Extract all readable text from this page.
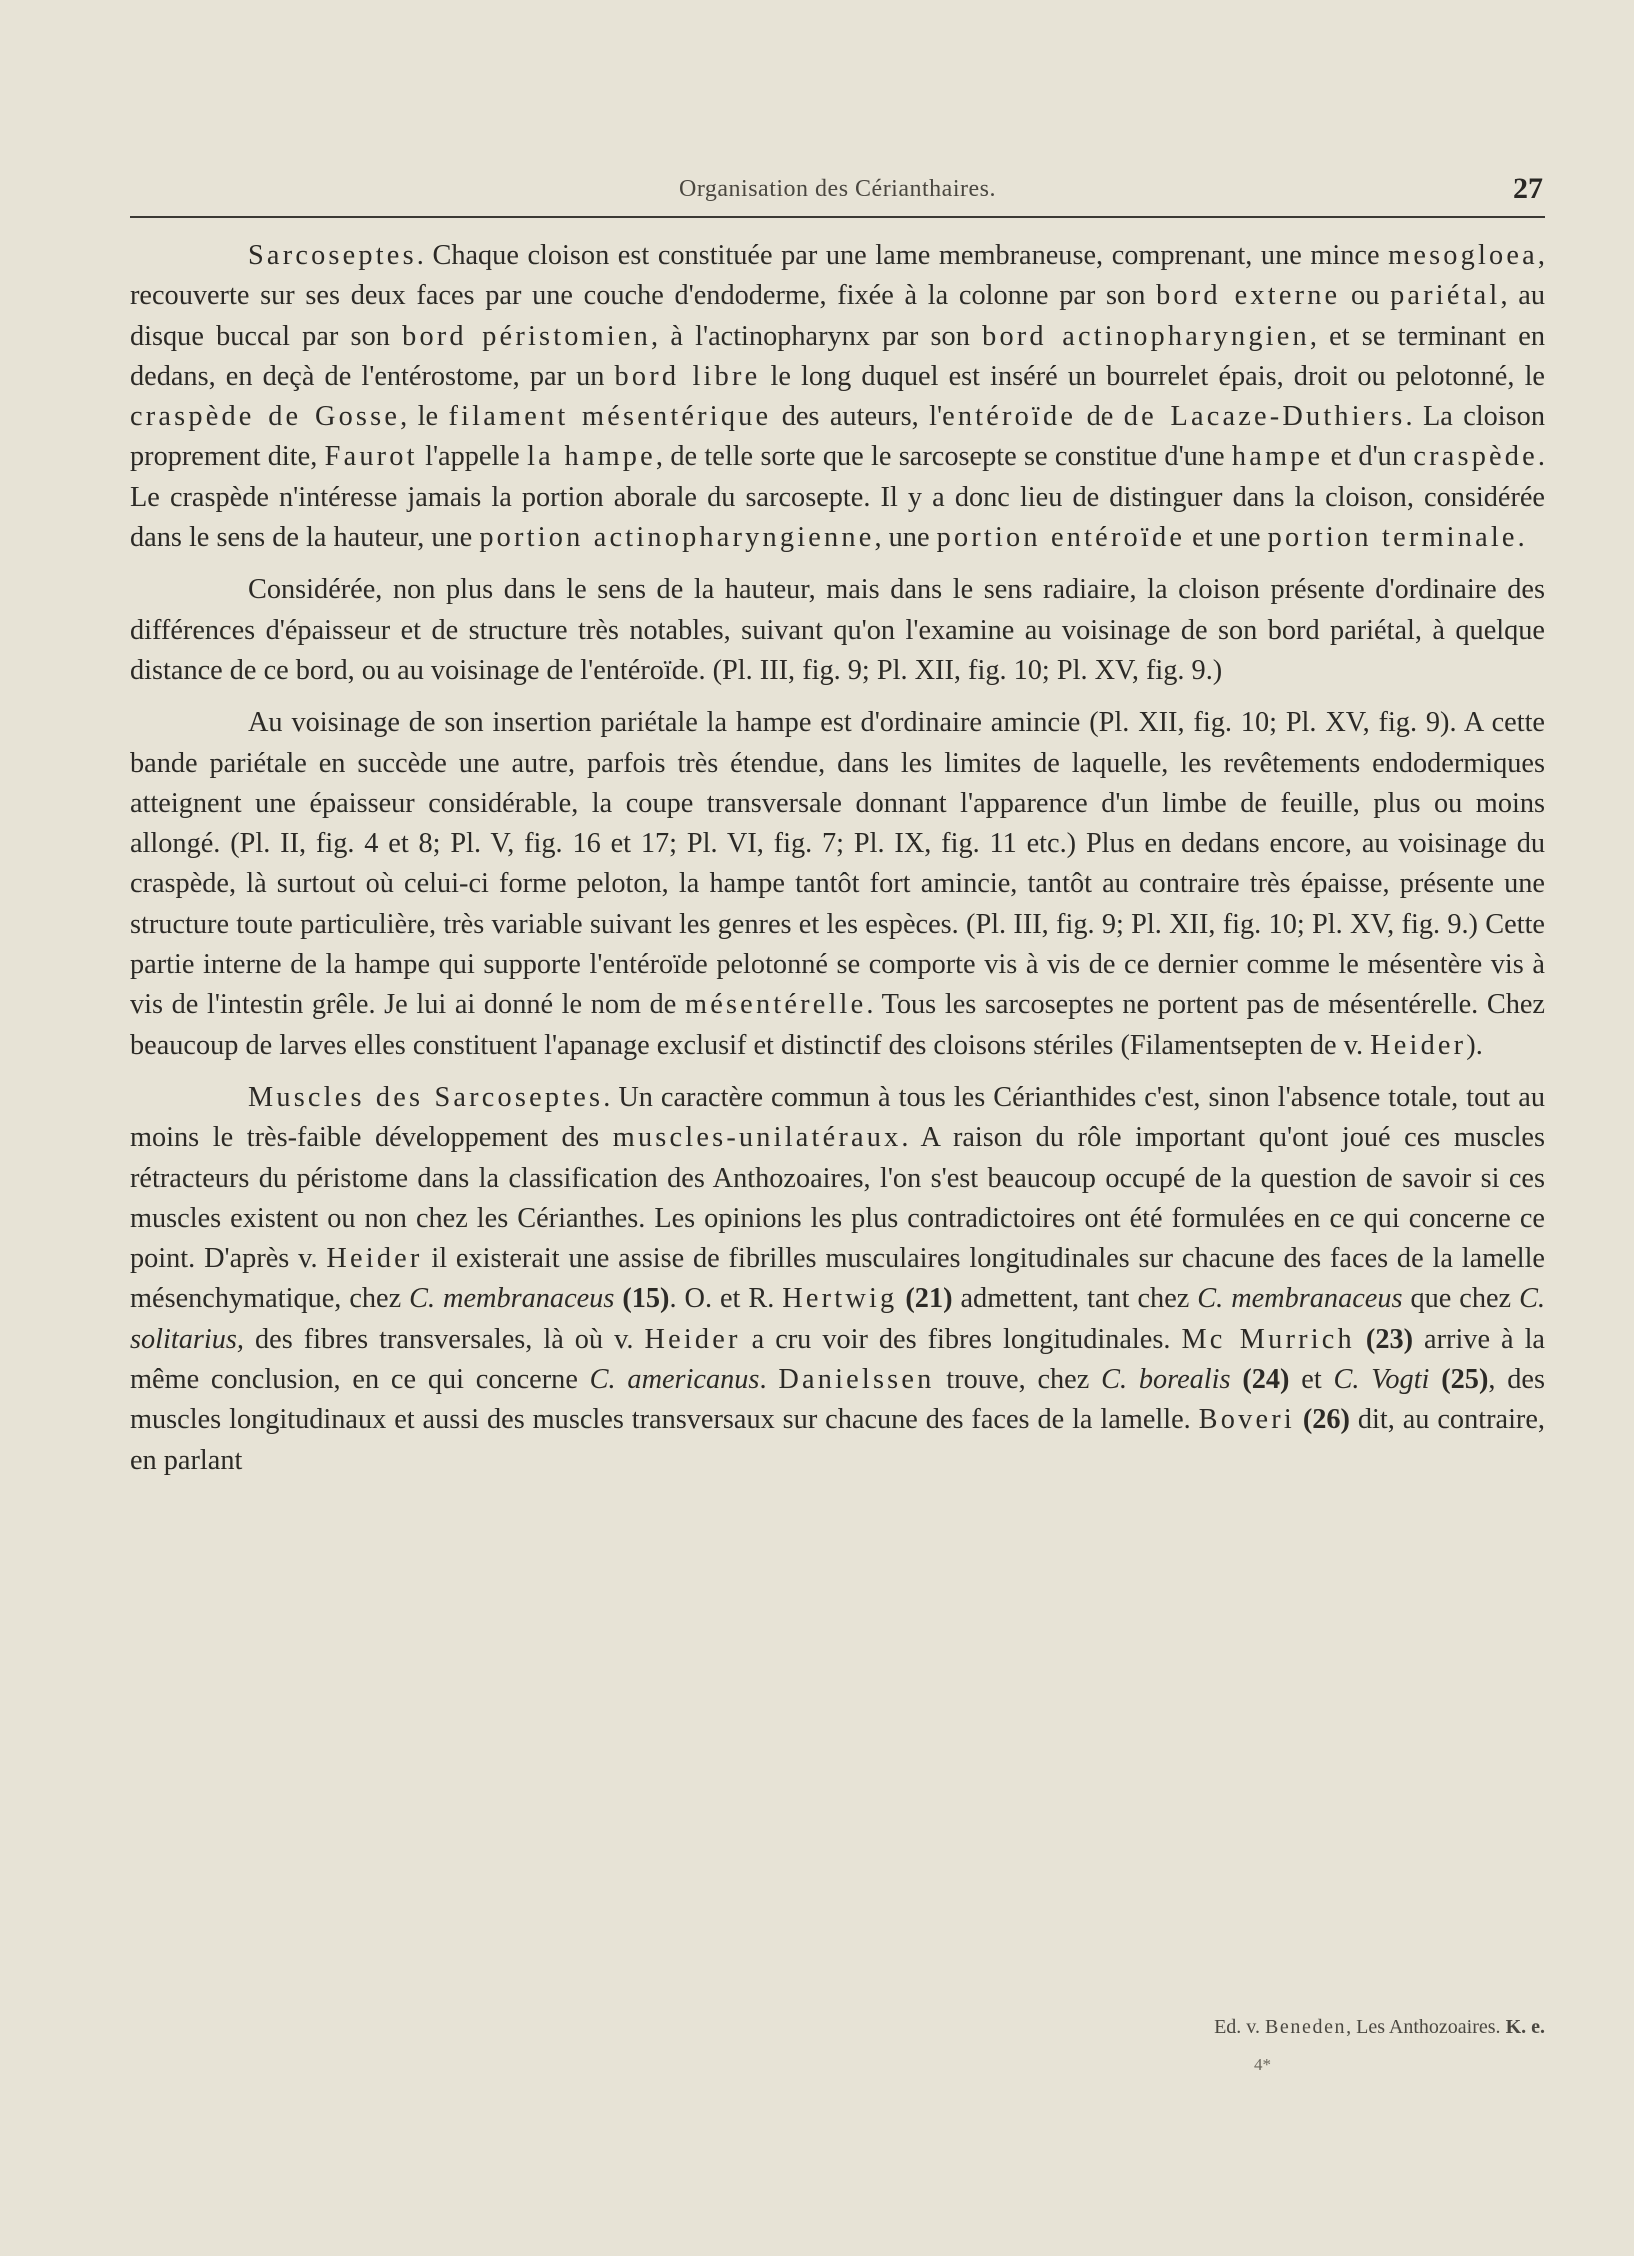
Organisation des Cérianthaires.	27

Sarcoseptes. Chaque cloison est constituée par une lame membraneuse, comprenant, une mince mesogloea, recouverte sur ses deux faces par une couche d'endoderme, fixée à la colonne par son bord externe ou pariétal, au disque buccal par son bord péristomien, à l'actinopharynx par son bord actinopharyngien, et se terminant en dedans, en deçà de l'entérostome, par un bord libre le long duquel est inséré un bourrelet épais, droit ou pelotonné, le craspède de Gosse, le filament mésentérique des auteurs, l'entéroïde de de Lacaze-Duthiers. La cloison proprement dite, Faurot l'appelle la hampe, de telle sorte que le sarcosepte se constitue d'une hampe et d'un craspède. Le craspède n'intéresse jamais la portion aborale du sarcosepte. Il y a donc lieu de distinguer dans la cloison, considérée dans le sens de la hauteur, une portion actinopharyngienne, une portion entéroïde et une portion terminale.

Considérée, non plus dans le sens de la hauteur, mais dans le sens radiaire, la cloison présente d'ordinaire des différences d'épaisseur et de structure très notables, suivant qu'on l'examine au voisinage de son bord pariétal, à quelque distance de ce bord, ou au voisinage de l'entéroïde. (Pl. III, fig. 9; Pl. XII, fig. 10; Pl. XV, fig. 9.)

Au voisinage de son insertion pariétale la hampe est d'ordinaire amincie (Pl. XII, fig. 10; Pl. XV, fig. 9). A cette bande pariétale en succède une autre, parfois très étendue, dans les limites de laquelle, les revêtements endodermiques atteignent une épaisseur considérable, la coupe transversale donnant l'apparence d'un limbe de feuille, plus ou moins allongé. (Pl. II, fig. 4 et 8; Pl. V, fig. 16 et 17; Pl. VI, fig. 7; Pl. IX, fig. 11 etc.) Plus en dedans encore, au voisinage du craspède, là surtout où celui-ci forme peloton, la hampe tantôt fort amincie, tantôt au contraire très épaisse, présente une structure toute particulière, très variable suivant les genres et les espèces. (Pl. III, fig. 9; Pl. XII, fig. 10; Pl. XV, fig. 9.) Cette partie interne de la hampe qui supporte l'entéroïde pelotonné se comporte vis à vis de ce dernier comme le mésentère vis à vis de l'intestin grêle. Je lui ai donné le nom de mésentérelle. Tous les sarcoseptes ne portent pas de mésentérelle. Chez beaucoup de larves elles constituent l'apanage exclusif et distinctif des cloisons stériles (Filamentsepten de v. Heider).

Muscles des Sarcoseptes. Un caractère commun à tous les Cérianthides c'est, sinon l'absence totale, tout au moins le très-faible développement des muscles-unilatéraux. A raison du rôle important qu'ont joué ces muscles rétracteurs du péristome dans la classification des Anthozoaires, l'on s'est beaucoup occupé de la question de savoir si ces muscles existent ou non chez les Cérianthes. Les opinions les plus contradictoires ont été formulées en ce qui concerne ce point. D'après v. Heider il existerait une assise de fibrilles musculaires longitudinales sur chacune des faces de la lamelle mésenchymatique, chez C. membranaceus (15). O. et R. Hertwig (21) admettent, tant chez C. membranaceus que chez C. solitarius, des fibres transversales, là où v. Heider a cru voir des fibres longitudinales. Mc Murrich (23) arrive à la même conclusion, en ce qui concerne C. americanus. Danielssen trouve, chez C. borealis (24) et C. Vogti (25), des muscles longitudinaux et aussi des muscles transversaux sur chacune des faces de la lamelle. Boveri (26) dit, au contraire, en parlant

Ed. v. Beneden, Les Anthozoaires. K. e.
4*
